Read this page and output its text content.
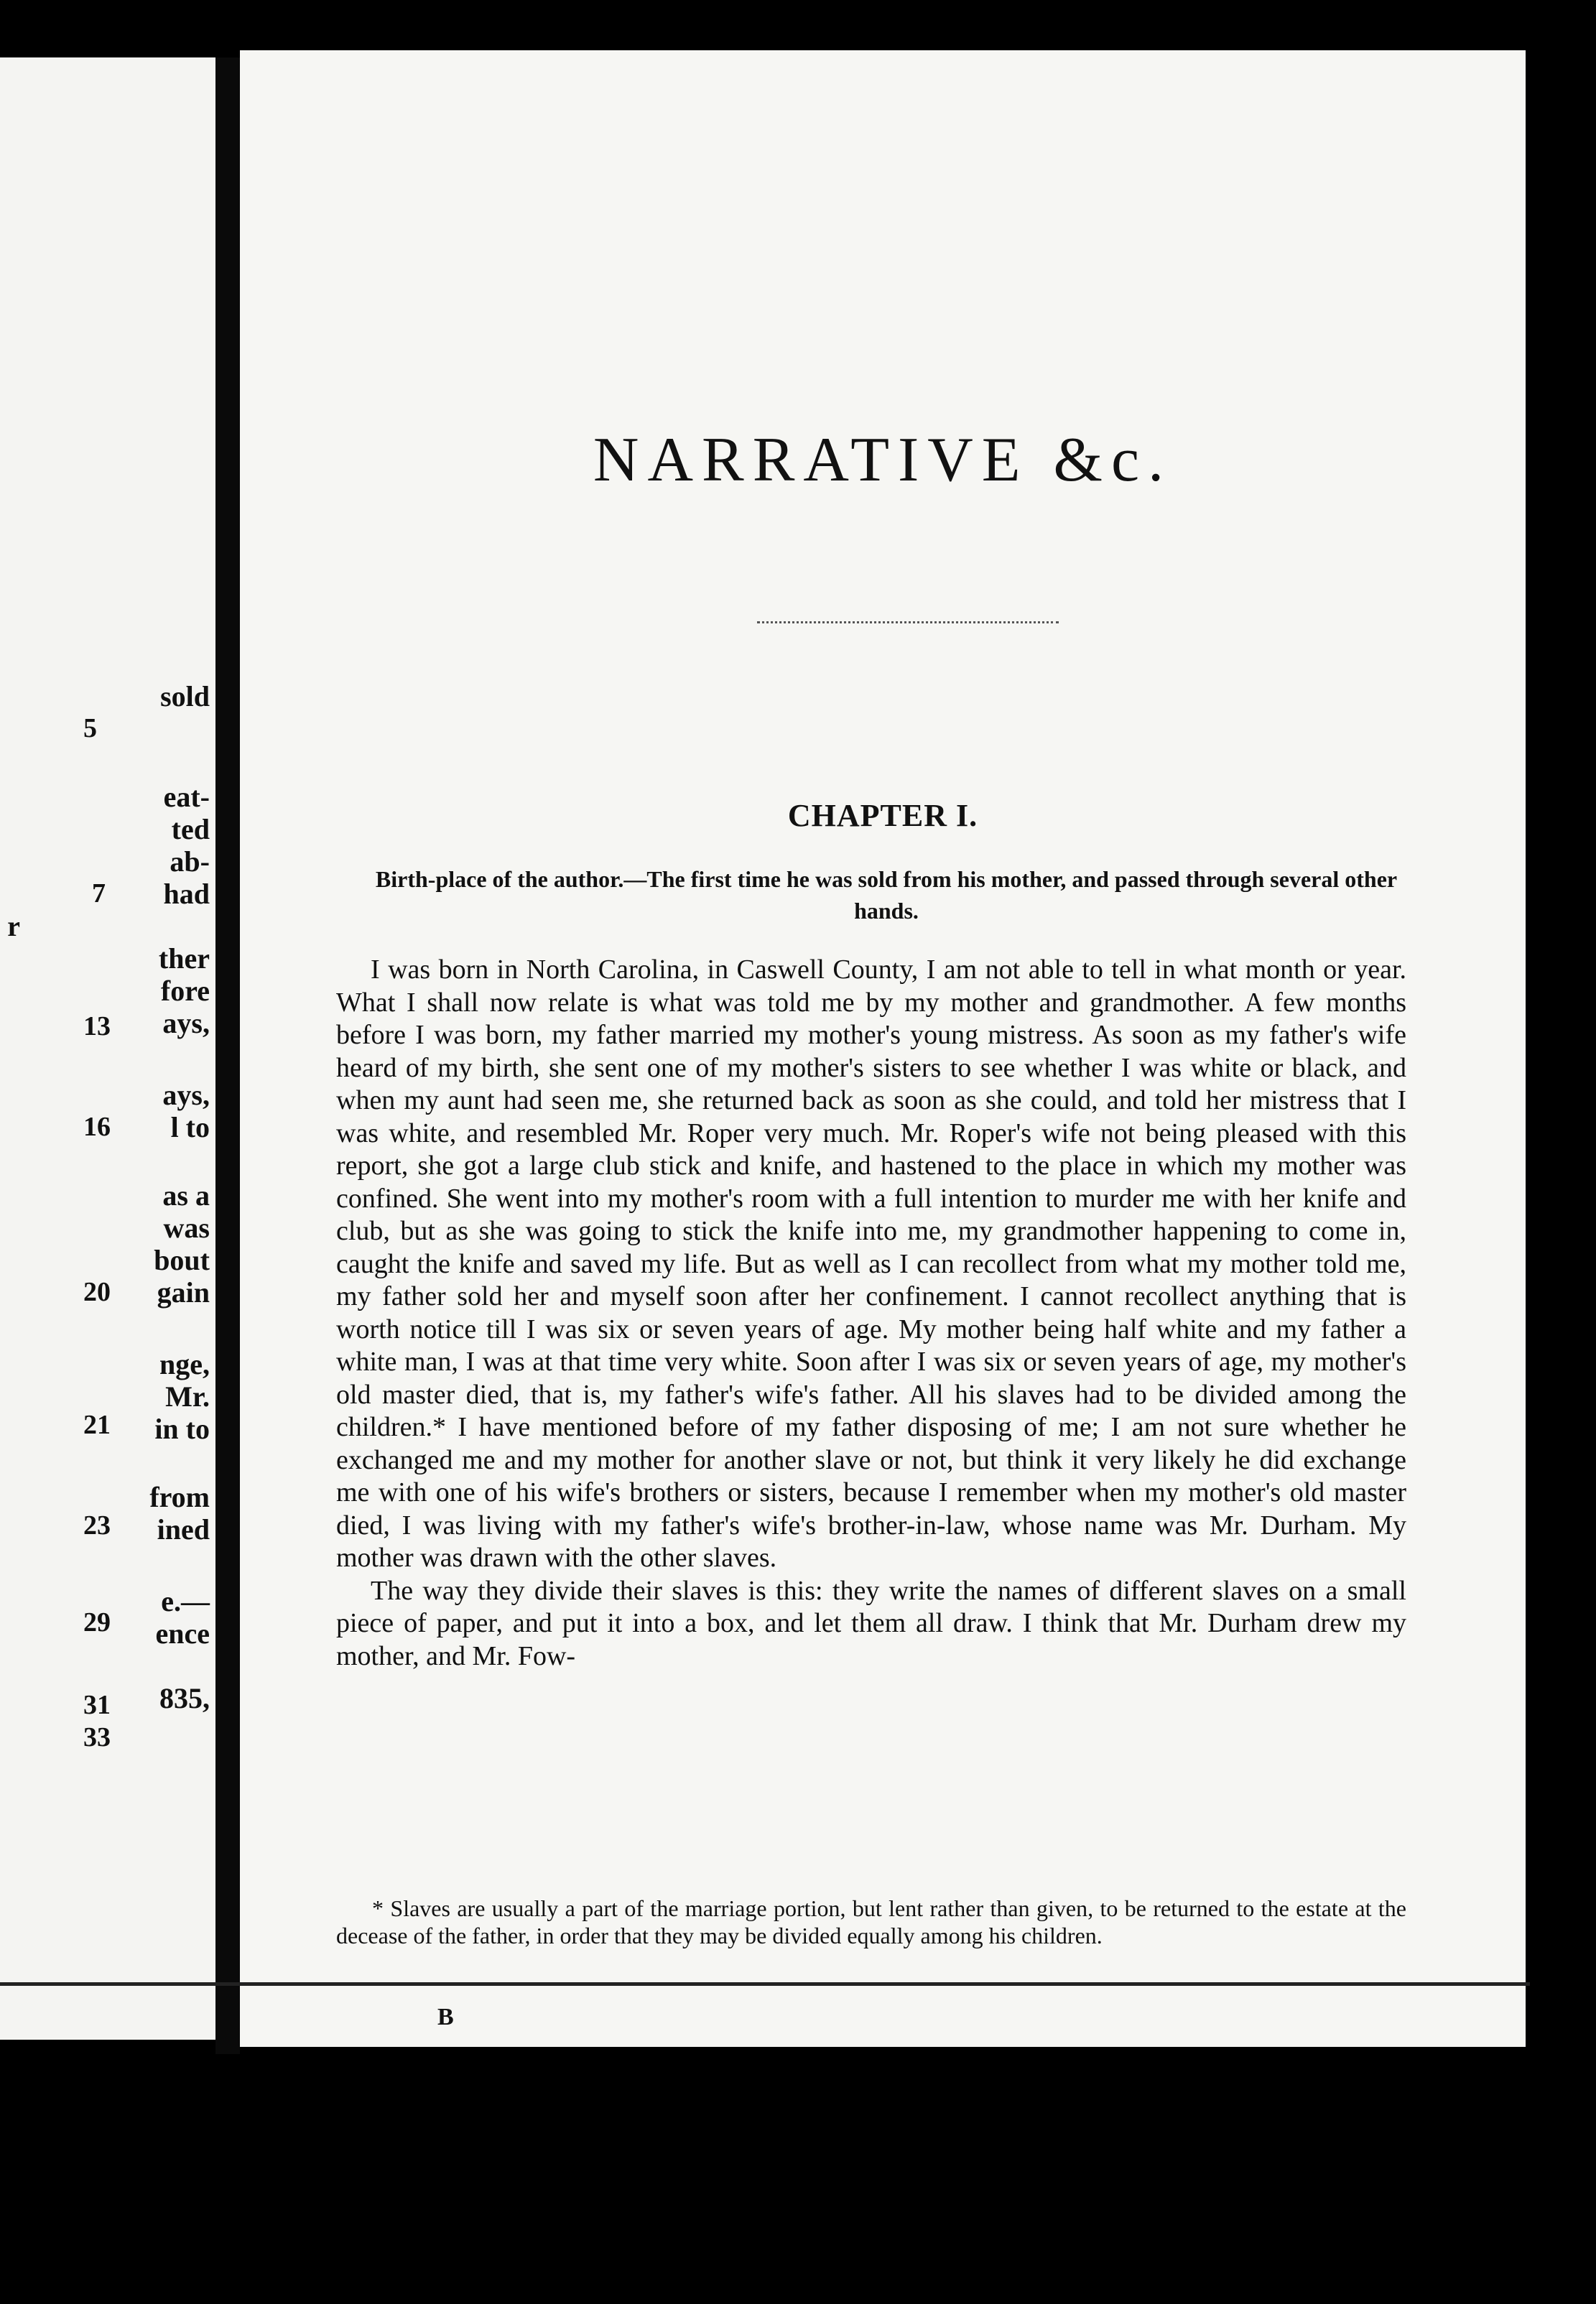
sold
eat-
ted
ab-
had
r
ther
fore
ays,
ays,
l to
as a
was
bout
gain
nge,
Mr.
in to
from
ined
e.—
ence
835,
5
7
13
16
20
21
23
29
31
33
NARRATIVE &c.
CHAPTER I.
Birth-place of the author.—The first time he was sold from his mother, and passed through several other hands.

I was born in North Carolina, in Caswell County, I am not able to tell in what month or year. What I shall now relate is what was told me by my mother and grandmother. A few months before I was born, my father married my mother's young mistress. As soon as my father's wife heard of my birth, she sent one of my mother's sisters to see whether I was white or black, and when my aunt had seen me, she returned back as soon as she could, and told her mistress that I was white, and resembled Mr. Roper very much. Mr. Roper's wife not being pleased with this report, she got a large club stick and knife, and hastened to the place in which my mother was confined. She went into my mother's room with a full intention to murder me with her knife and club, but as she was going to stick the knife into me, my grandmother happening to come in, caught the knife and saved my life. But as well as I can recollect from what my mother told me, my father sold her and myself soon after her confinement. I cannot recollect anything that is worth notice till I was six or seven years of age. My mother being half white and my father a white man, I was at that time very white. Soon after I was six or seven years of age, my mother's old master died, that is, my father's wife's father. All his slaves had to be divided among the children.* I have mentioned before of my father disposing of me; I am not sure whether he exchanged me and my mother for another slave or not, but think it very likely he did exchange me with one of his wife's brothers or sisters, because I remember when my mother's old master died, I was living with my father's wife's brother-in-law, whose name was Mr. Durham. My mother was drawn with the other slaves.

The way they divide their slaves is this: they write the names of different slaves on a small piece of paper, and put it into a box, and let them all draw. I think that Mr. Durham drew my mother, and Mr. Fow-

* Slaves are usually a part of the marriage portion, but lent rather than given, to be returned to the estate at the decease of the father, in order that they may be divided equally among his children.
B
